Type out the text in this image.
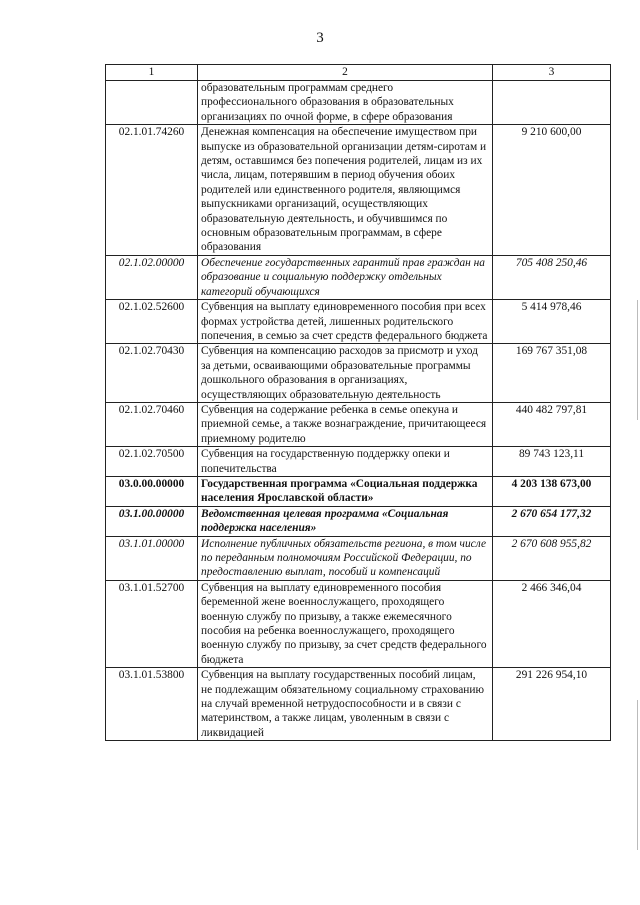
3
1	2	3
	образовательным программам среднего профессионального образования в образовательных организациях по очной форме, в сфере образования	
02.1.01.74260	Денежная компенсация на обеспечение имуществом при выпуске из образовательной организации детям-сиротам и детям, оставшимся без попечения родителей, лицам из их числа, лицам, потерявшим в период обучения обоих родителей или единственного родителя, являющимся выпускниками организаций, осуществляющих образовательную деятельность, и обучившимся по основным образовательным программам, в сфере образования	9 210 600,00
02.1.02.00000	Обеспечение государственных гарантий прав граждан на образование и социальную поддержку отдельных категорий обучающихся	705 408 250,46
02.1.02.52600	Субвенция на выплату единовременного пособия при всех формах устройства детей, лишенных родительского попечения, в семью за счет средств федерального бюджета	5 414 978,46
02.1.02.70430	Субвенция на компенсацию расходов за присмотр и уход за детьми, осваивающими образовательные программы дошкольного образования в организациях, осуществляющих образовательную деятельность	169 767 351,08
02.1.02.70460	Субвенция на содержание ребенка в семье опекуна и приемной семье, а также вознаграждение, причитающееся приемному родителю	440 482 797,81
02.1.02.70500	Субвенция на государственную поддержку опеки и попечительства	89 743 123,11
03.0.00.00000	Государственная программа «Социальная поддержка населения Ярославской области»	4 203 138 673,00
03.1.00.00000	Ведомственная целевая программа «Социальная поддержка населения»	2 670 654 177,32
03.1.01.00000	Исполнение публичных обязательств региона, в том числе по переданным полномочиям Российской Федерации, по предоставлению выплат, пособий и компенсаций	2 670 608 955,82
03.1.01.52700	Субвенция на выплату единовременного пособия беременной жене военнослужащего, проходящего военную службу по призыву, а также ежемесячного пособия на ребенка военнослужащего, проходящего военную службу по призыву, за счет средств федерального бюджета	2 466 346,04
03.1.01.53800	Субвенция на выплату государственных пособий лицам, не подлежащим обязательному социальному страхованию на случай временной нетрудоспособности и в связи с материнством, а также лицам, уволенным в связи с ликвидацией	291 226 954,10
